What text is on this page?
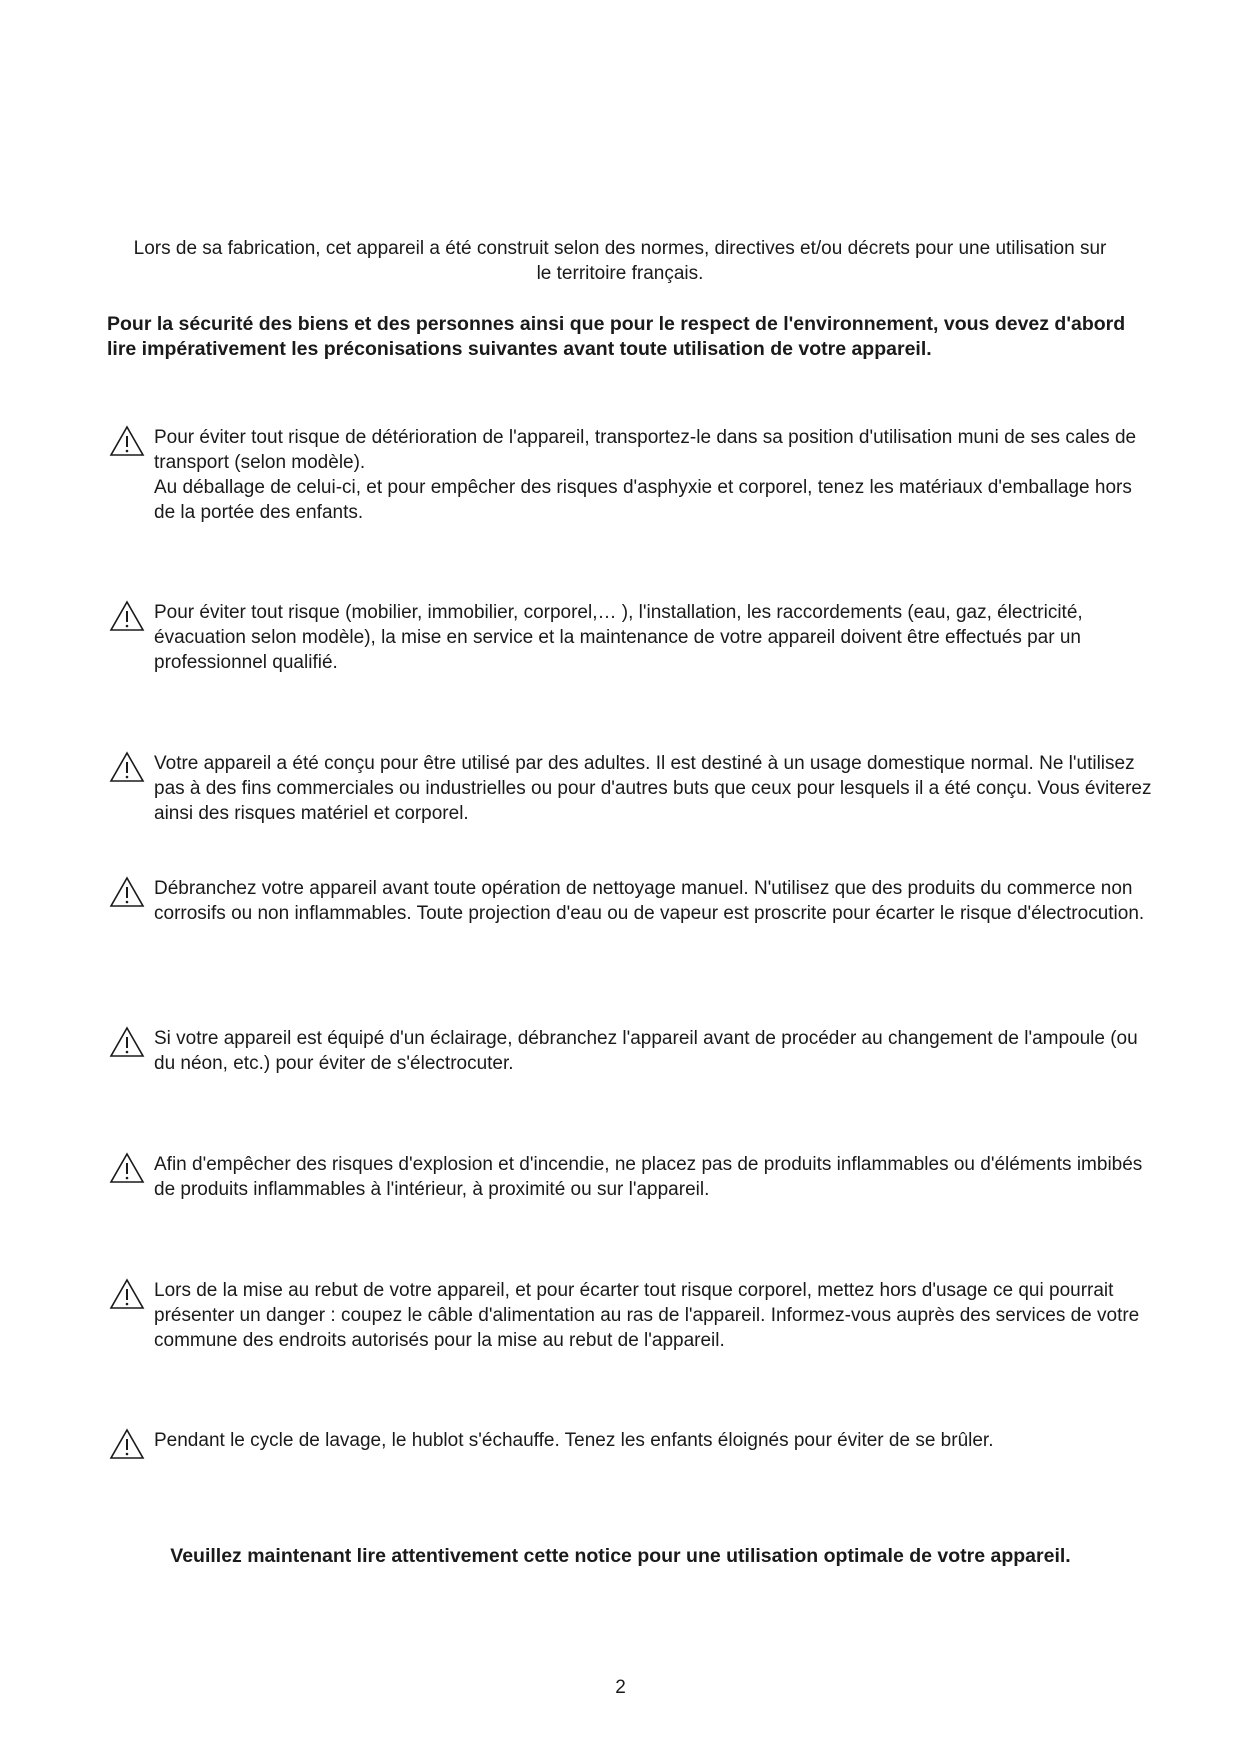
Lors de sa fabrication, cet appareil a été construit selon des normes, directives et/ou décrets pour une utilisation sur le territoire français.

Pour la sécurité des biens et des personnes ainsi que pour le respect de l'environnement, vous devez d'abord lire impérativement les préconisations suivantes avant toute utilisation de votre appareil.

Pour éviter tout risque de détérioration de l'appareil, transportez-le dans sa position d'utilisation muni de ses cales de transport (selon modèle).
Au déballage de celui-ci, et pour empêcher des risques d'asphyxie et corporel, tenez les matériaux d'emballage hors de la portée des enfants.

Pour éviter tout risque (mobilier, immobilier, corporel,… ), l'installation, les raccordements (eau, gaz, électricité, évacuation selon modèle), la mise en service et la maintenance de votre appareil doivent être effectués par un professionnel qualifié.

Votre appareil a été conçu pour être utilisé par des adultes. Il est destiné à un usage domestique normal. Ne l'utilisez pas à des fins commerciales ou industrielles ou pour d'autres buts que ceux pour lesquels il a été conçu. Vous éviterez ainsi des risques matériel et corporel.

Débranchez votre appareil avant toute opération de nettoyage manuel. N'utilisez que des produits du commerce non corrosifs ou non inflammables. Toute projection d'eau ou de vapeur est proscrite pour écarter le risque d'électrocution.

Si votre appareil est équipé d'un éclairage, débranchez l'appareil avant de procéder au changement de l'ampoule (ou du néon, etc.) pour éviter de s'électrocuter.

Afin d'empêcher des risques d'explosion et d'incendie, ne placez pas de produits inflammables ou d'éléments imbibés de produits inflammables à l'intérieur, à proximité ou sur l'appareil.

Lors de la mise au rebut de votre appareil, et pour écarter tout risque corporel, mettez hors d'usage ce qui pourrait présenter un danger : coupez le câble d'alimentation au ras de l'appareil. Informez-vous auprès des services de votre commune des endroits autorisés pour la mise au rebut de l'appareil.

Pendant le cycle de lavage, le hublot s'échauffe. Tenez les enfants éloignés pour éviter de se brûler.

Veuillez maintenant lire attentivement cette notice pour une utilisation optimale de votre appareil.

2
